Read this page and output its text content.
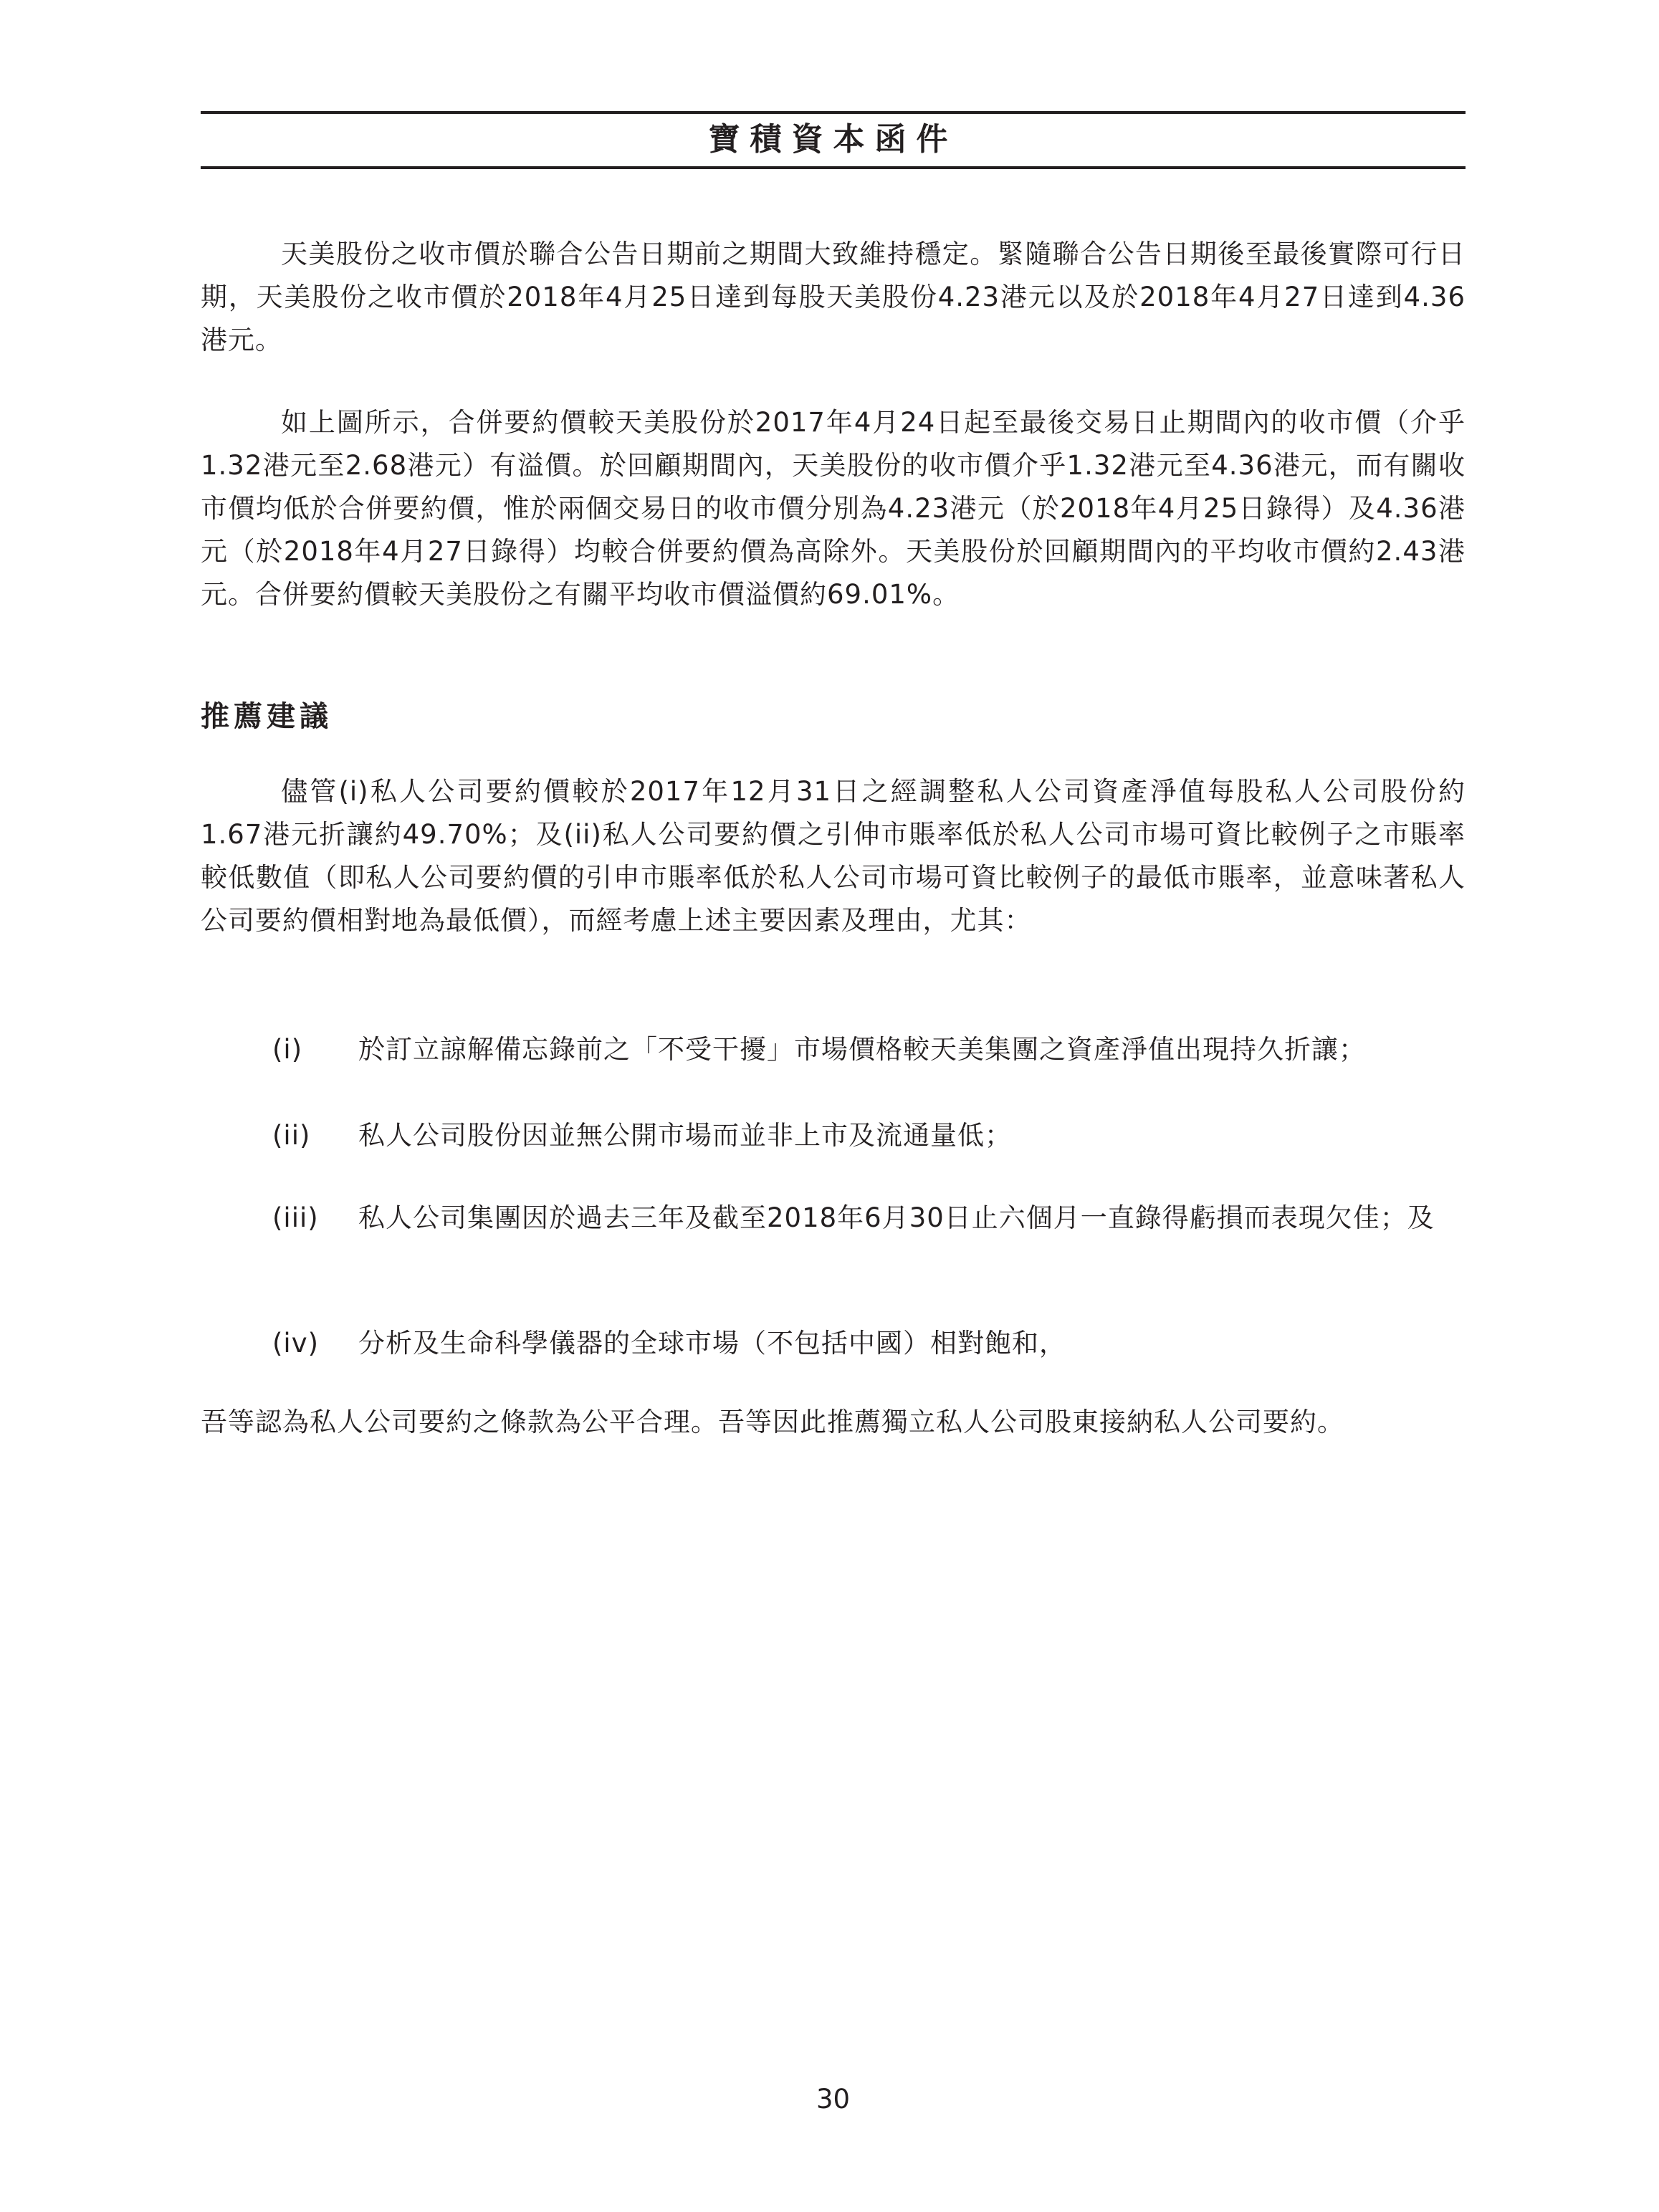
寶積資本函件

天美股份之收市價於聯合公告日期前之期間大致維持穩定。緊隨聯合公告日期後至最後實際可行日期，天美股份之收市價於2018年4月25日達到每股天美股份4.23港元以及於2018年4月27日達到4.36港元。

如上圖所示，合併要約價較天美股份於2017年4月24日起至最後交易日止期間內的收市價（介乎1.32港元至2.68港元）有溢價。於回顧期間內，天美股份的收市價介乎1.32港元至4.36港元，而有關收市價均低於合併要約價，惟於兩個交易日的收市價分別為4.23港元（於2018年4月25日錄得）及4.36港元（於2018年4月27日錄得）均較合併要約價為高除外。天美股份於回顧期間內的平均收市價約2.43港元。合併要約價較天美股份之有關平均收市價溢價約69.01%。

推薦建議

儘管(i)私人公司要約價較於2017年12月31日之經調整私人公司資產淨值每股私人公司股份約1.67港元折讓約49.70%；及(ii)私人公司要約價之引伸市賬率低於私人公司市場可資比較例子之市賬率較低數值（即私人公司要約價的引申市賬率低於私人公司市場可資比較例子的最低市賬率，並意味著私人公司要約價相對地為最低價），而經考慮上述主要因素及理由，尤其：

(i)	於訂立諒解備忘錄前之「不受干擾」市場價格較天美集團之資產淨值出現持久折讓；
(ii)	私人公司股份因並無公開市場而並非上市及流通量低；
(iii)	私人公司集團因於過去三年及截至2018年6月30日止六個月一直錄得虧損而表現欠佳；及
(iv)	分析及生命科學儀器的全球市場（不包括中國）相對飽和，

吾等認為私人公司要約之條款為公平合理。吾等因此推薦獨立私人公司股東接納私人公司要約。

30
